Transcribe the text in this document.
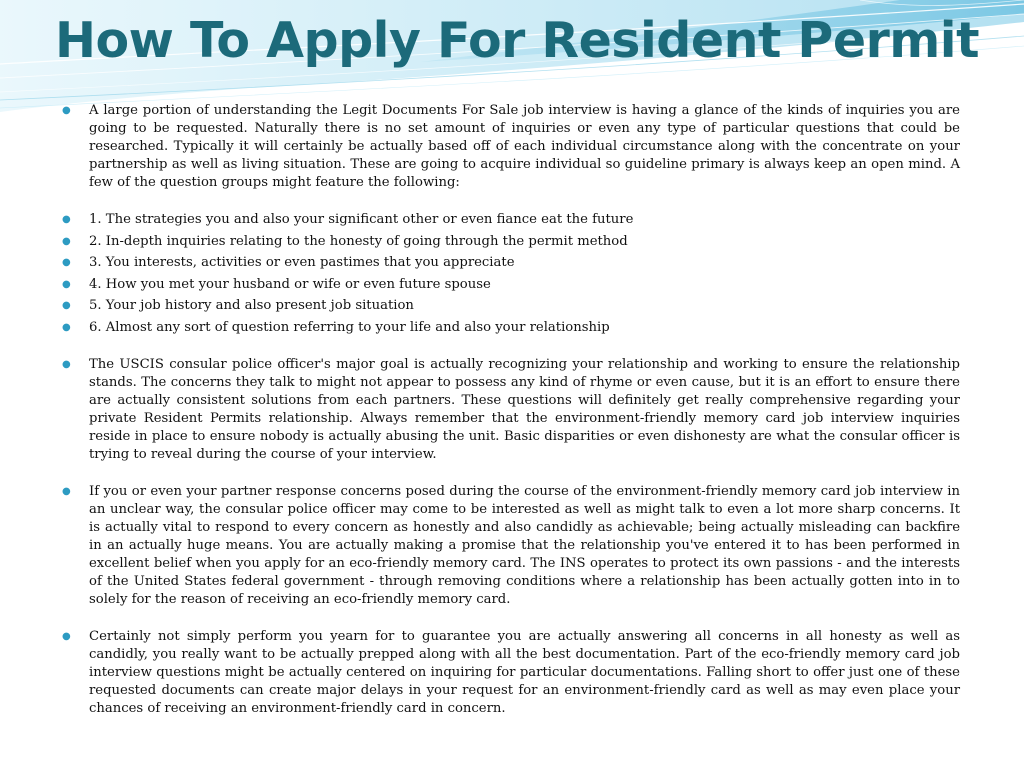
How To Apply For Resident Permit

● A large portion of understanding the Legit Documents For Sale job interview is having a glance of the kinds of inquiries you are going to be requested. Naturally there is no set amount of inquiries or even any type of particular questions that could be researched. Typically it will certainly be actually based off of each individual circumstance along with the concentrate on your partnership as well as living situation. These are going to acquire individual so guideline primary is always keep an open mind. A few of the question groups might feature the following:

● 1. The strategies you and also your significant other or even fiance eat the future

● 2. In-depth inquiries relating to the honesty of going through the permit method

● 3. You interests, activities or even pastimes that you appreciate

● 4. How you met your husband or wife or even future spouse

● 5. Your job history and also present job situation

● 6. Almost any sort of question referring to your life and also your relationship

● The USCIS consular police officer's major goal is actually recognizing your relationship and working to ensure the relationship stands. The concerns they talk to might not appear to possess any kind of rhyme or even cause, but it is an effort to ensure there are actually consistent solutions from each partners. These questions will definitely get really comprehensive regarding your private Resident Permits relationship. Always remember that the environment-friendly memory card job interview inquiries reside in place to ensure nobody is actually abusing the unit. Basic disparities or even dishonesty are what the consular officer is trying to reveal during the course of your interview.

● If you or even your partner response concerns posed during the course of the environment-friendly memory card job interview in an unclear way, the consular police officer may come to be interested as well as might talk to even a lot more sharp concerns. It is actually vital to respond to every concern as honestly and also candidly as achievable; being actually misleading can backfire in an actually huge means. You are actually making a promise that the relationship you've entered it to has been performed in excellent belief when you apply for an eco-friendly memory card. The INS operates to protect its own passions - and the interests of the United States federal government - through removing conditions where a relationship has been actually gotten into in to solely for the reason of receiving an eco-friendly memory card.

● Certainly not simply perform you yearn for to guarantee you are actually answering all concerns in all honesty as well as candidly, you really want to be actually prepped along with all the best documentation. Part of the eco-friendly memory card job interview questions might be actually centered on inquiring for particular documentations. Falling short to offer just one of these requested documents can create major delays in your request for an environment-friendly card as well as may even place your chances of receiving an environment-friendly card in concern.
